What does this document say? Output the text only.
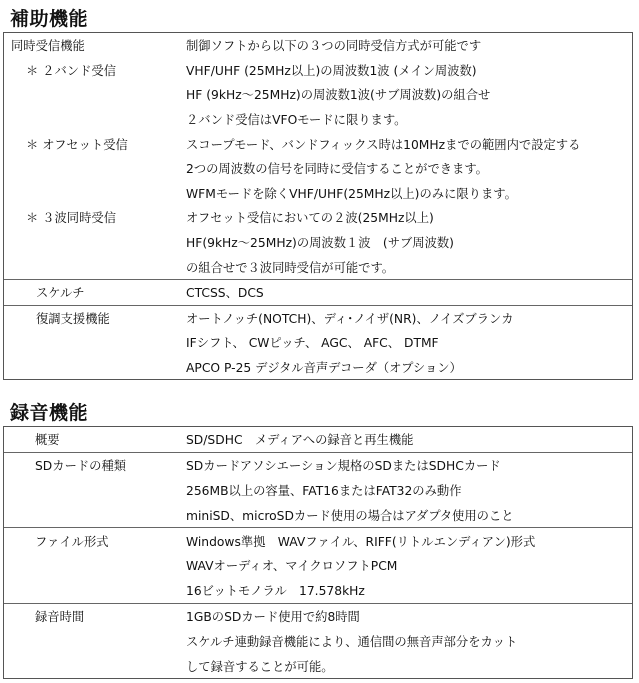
補助機能
同時受信機能	制御ソフトから以下の３つの同時受信方式が可能です
＊ ２バンド受信	VHF/UHF (25MHz以上)の周波数1波 (メイン周波数)
HF (9kHz～25MHz)の周波数1波(サブ周波数)の組合せ
２バンド受信はVFOモードに限ります。
＊ オフセット受信	スコープモード、バンドフィックス時は10MHzまでの範囲内で設定する
2つの周波数の信号を同時に受信することができます。
WFMモードを除くVHF/UHF(25MHz以上)のみに限ります。
＊ ３波同時受信	オフセット受信においての２波(25MHz以上)
HF(9kHz～25MHz)の周波数１波　(サブ周波数)
の組合せで３波同時受信が可能です。
スケルチ	CTCSS、DCS
復調支援機能	オートノッチ(NOTCH)、ディ･ノイザ(NR)、ノイズブランカ
IFシフト、 CWピッチ、 AGC、 AFC、 DTMF
APCO P-25 デジタル音声デコーダ（オプション）
録音機能
概要	SD/SDHC　メディアへの録音と再生機能
SDカードの種類	SDカードアソシエーション規格のSDまたはSDHCカード
256MB以上の容量、FAT16またはFAT32のみ動作
miniSD、microSDカード使用の場合はアダプタ使用のこと
ファイル形式	Windows準拠　WAVファイル、RIFF(リトルエンディアン)形式
WAVオーディオ、マイクロソフトPCM
16ビットモノラル　17.578kHz
録音時間	1GBのSDカード使用で約8時間
スケルチ連動録音機能により、通信間の無音声部分をカット
して録音することが可能。
